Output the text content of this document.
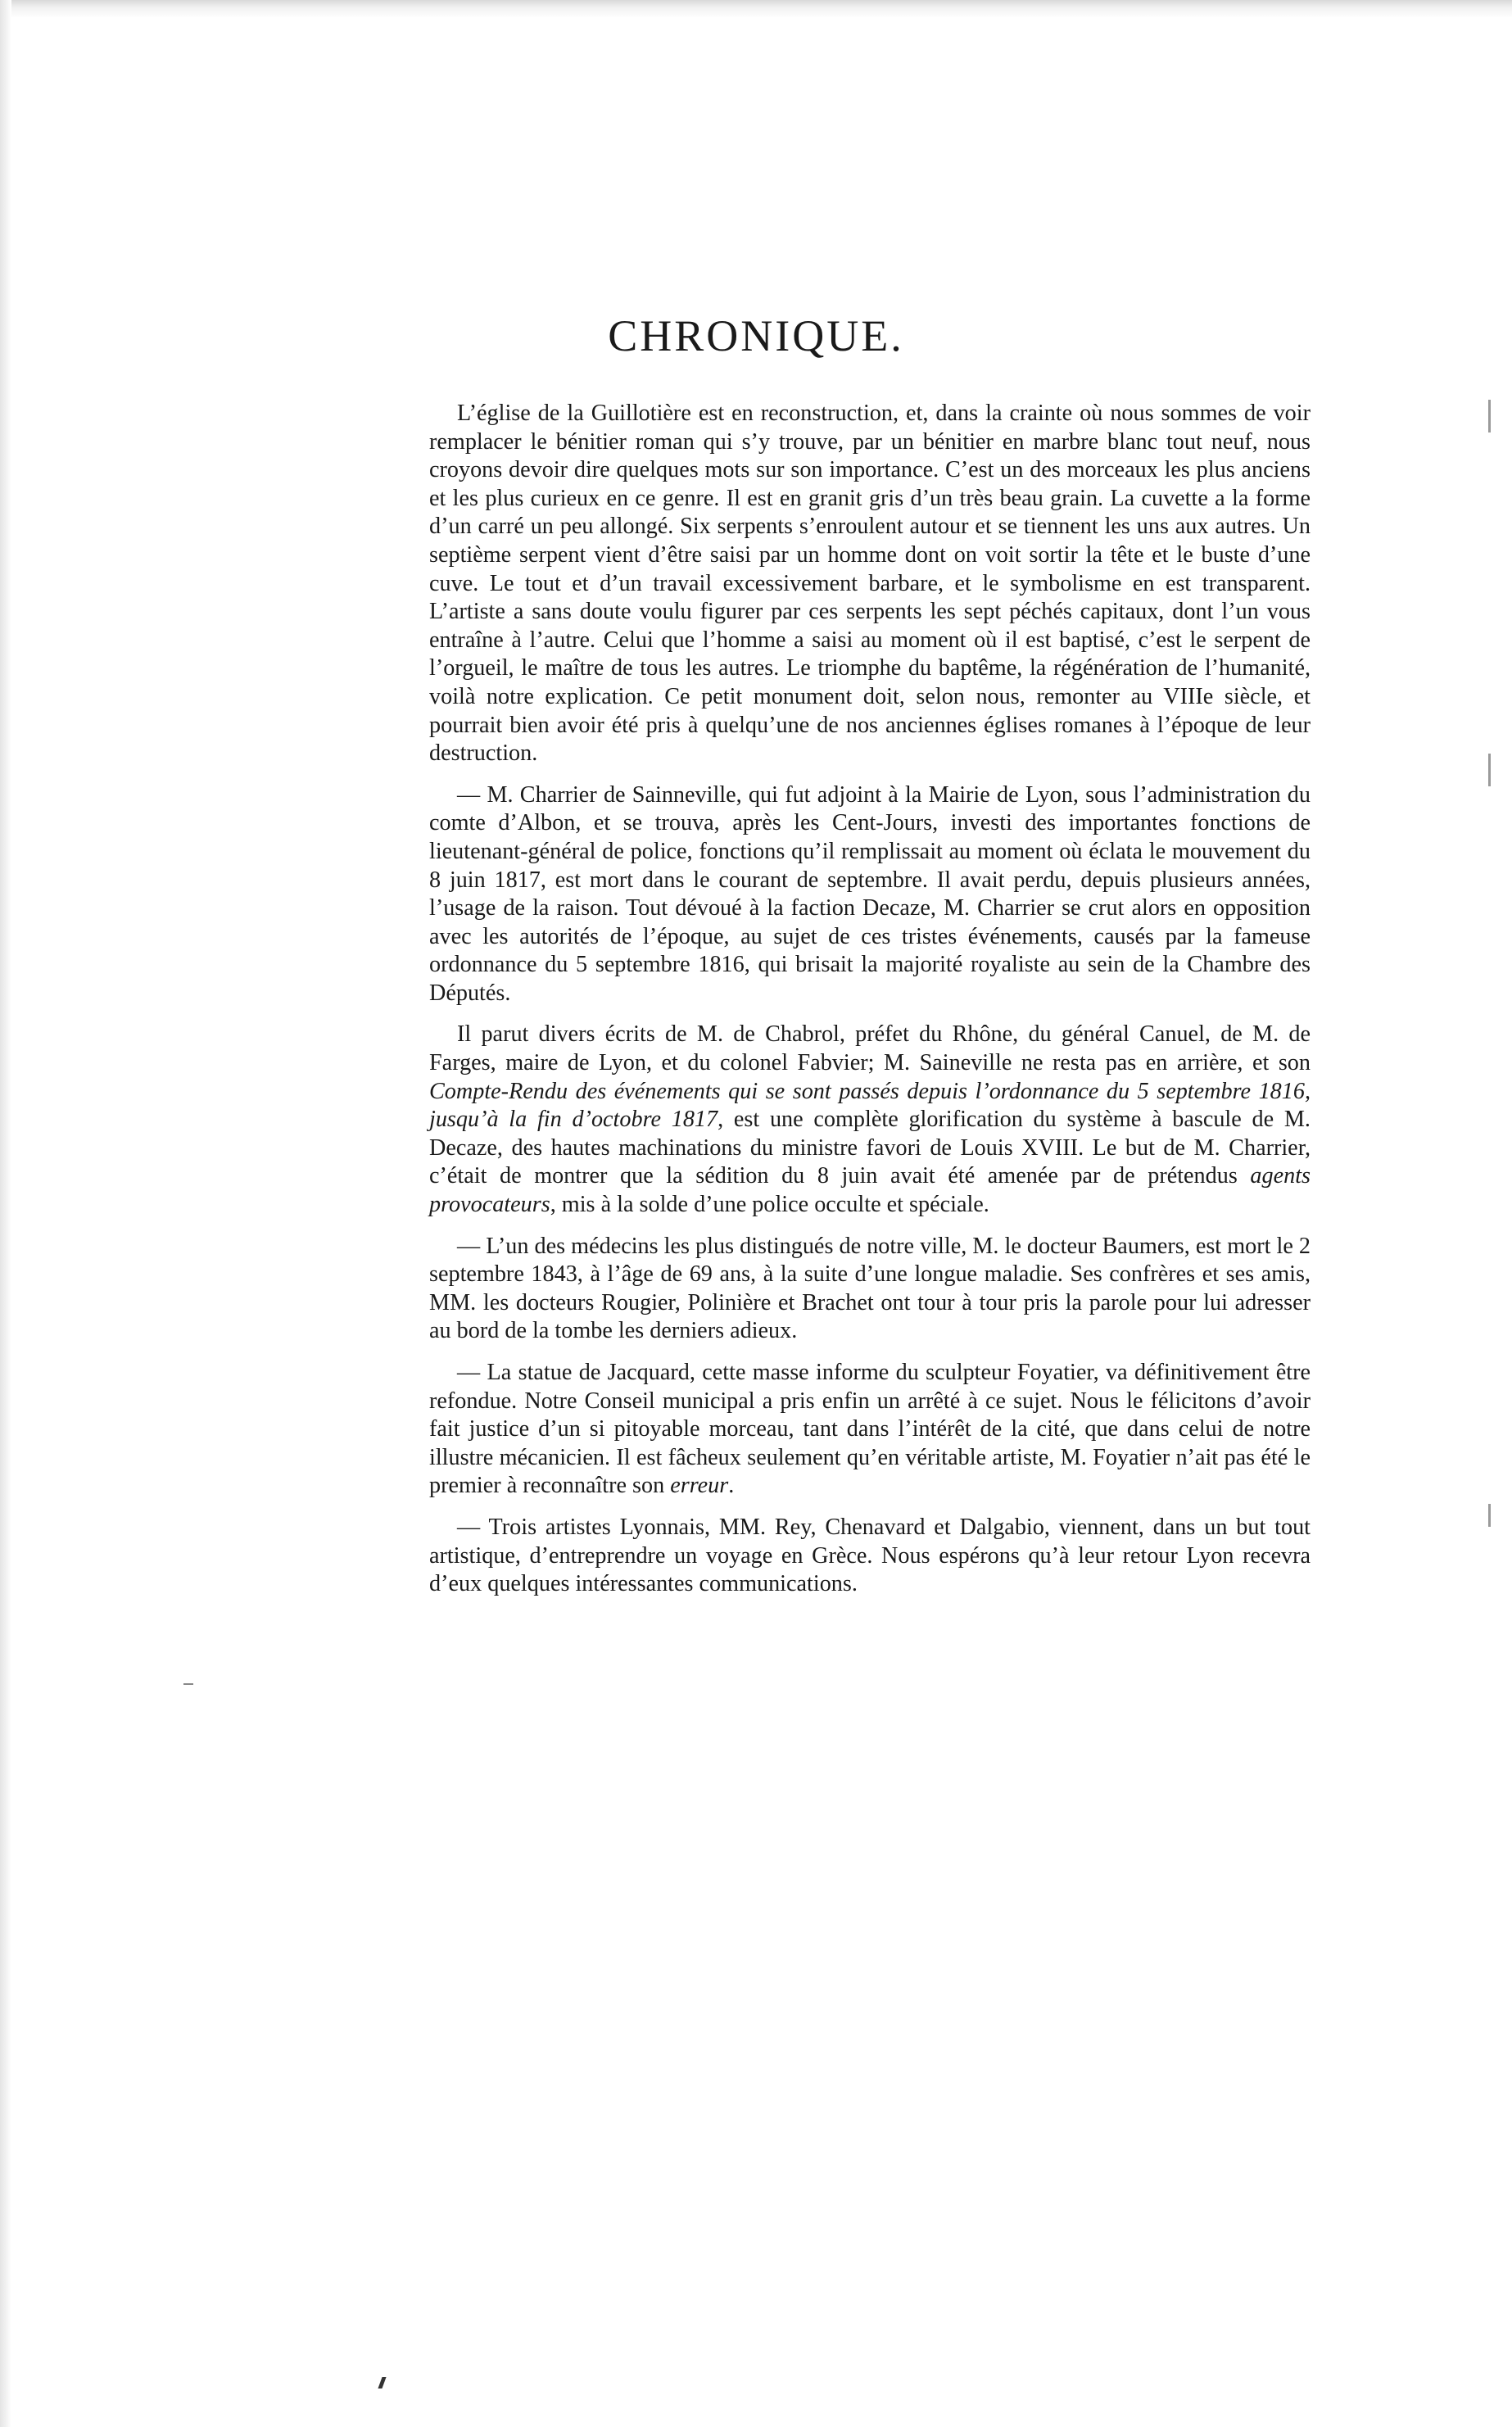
CHRONIQUE.

L’église de la Guillotière est en reconstruction, et, dans la crainte où nous sommes de voir remplacer le bénitier roman qui s’y trouve, par un bénitier en marbre blanc tout neuf, nous croyons devoir dire quelques mots sur son importance. C’est un des morceaux les plus anciens et les plus curieux en ce genre. Il est en granit gris d’un très beau grain. La cuvette a la forme d’un carré un peu allongé. Six serpents s’enroulent autour et se tiennent les uns aux autres. Un septième serpent vient d’être saisi par un homme dont on voit sortir la tête et le buste d’une cuve. Le tout et d’un travail excessivement barbare, et le symbolisme en est transparent. L’artiste a sans doute voulu figurer par ces serpents les sept péchés capitaux, dont l’un vous entraîne à l’autre. Celui que l’homme a saisi au moment où il est baptisé, c’est le serpent de l’orgueil, le maître de tous les autres. Le triomphe du baptême, la régénération de l’humanité, voilà notre explication. Ce petit monument doit, selon nous, remonter au VIIIe siècle, et pourrait bien avoir été pris à quelqu’une de nos anciennes églises romanes à l’époque de leur destruction.

— M. Charrier de Sainneville, qui fut adjoint à la Mairie de Lyon, sous l’administration du comte d’Albon, et se trouva, après les Cent-Jours, investi des importantes fonctions de lieutenant-général de police, fonctions qu’il remplissait au moment où éclata le mouvement du 8 juin 1817, est mort dans le courant de septembre. Il avait perdu, depuis plusieurs années, l’usage de la raison. Tout dévoué à la faction Decaze, M. Charrier se crut alors en opposition avec les autorités de l’époque, au sujet de ces tristes événements, causés par la fameuse ordonnance du 5 septembre 1816, qui brisait la majorité royaliste au sein de la Chambre des Députés.

Il parut divers écrits de M. de Chabrol, préfet du Rhône, du général Canuel, de M. de Farges, maire de Lyon, et du colonel Fabvier; M. Saineville ne resta pas en arrière, et son Compte-Rendu des événements qui se sont passés depuis l’ordonnance du 5 septembre 1816, jusqu’à la fin d’octobre 1817, est une complète glorification du système à bascule de M. Decaze, des hautes machinations du ministre favori de Louis XVIII. Le but de M. Charrier, c’était de montrer que la sédition du 8 juin avait été amenée par de prétendus agents provocateurs, mis à la solde d’une police occulte et spéciale.

— L’un des médecins les plus distingués de notre ville, M. le docteur Baumers, est mort le 2 septembre 1843, à l’âge de 69 ans, à la suite d’une longue maladie. Ses confrères et ses amis, MM. les docteurs Rougier, Polinière et Brachet ont tour à tour pris la parole pour lui adresser au bord de la tombe les derniers adieux.

— La statue de Jacquard, cette masse informe du sculpteur Foyatier, va définitivement être refondue. Notre Conseil municipal a pris enfin un arrêté à ce sujet. Nous le félicitons d’avoir fait justice d’un si pitoyable morceau, tant dans l’intérêt de la cité, que dans celui de notre illustre mécanicien. Il est fâcheux seulement qu’en véritable artiste, M. Foyatier n’ait pas été le premier à reconnaître son erreur.

— Trois artistes Lyonnais, MM. Rey, Chenavard et Dalgabio, viennent, dans un but tout artistique, d’entreprendre un voyage en Grèce. Nous espérons qu’à leur retour Lyon recevra d’eux quelques intéressantes communications.
